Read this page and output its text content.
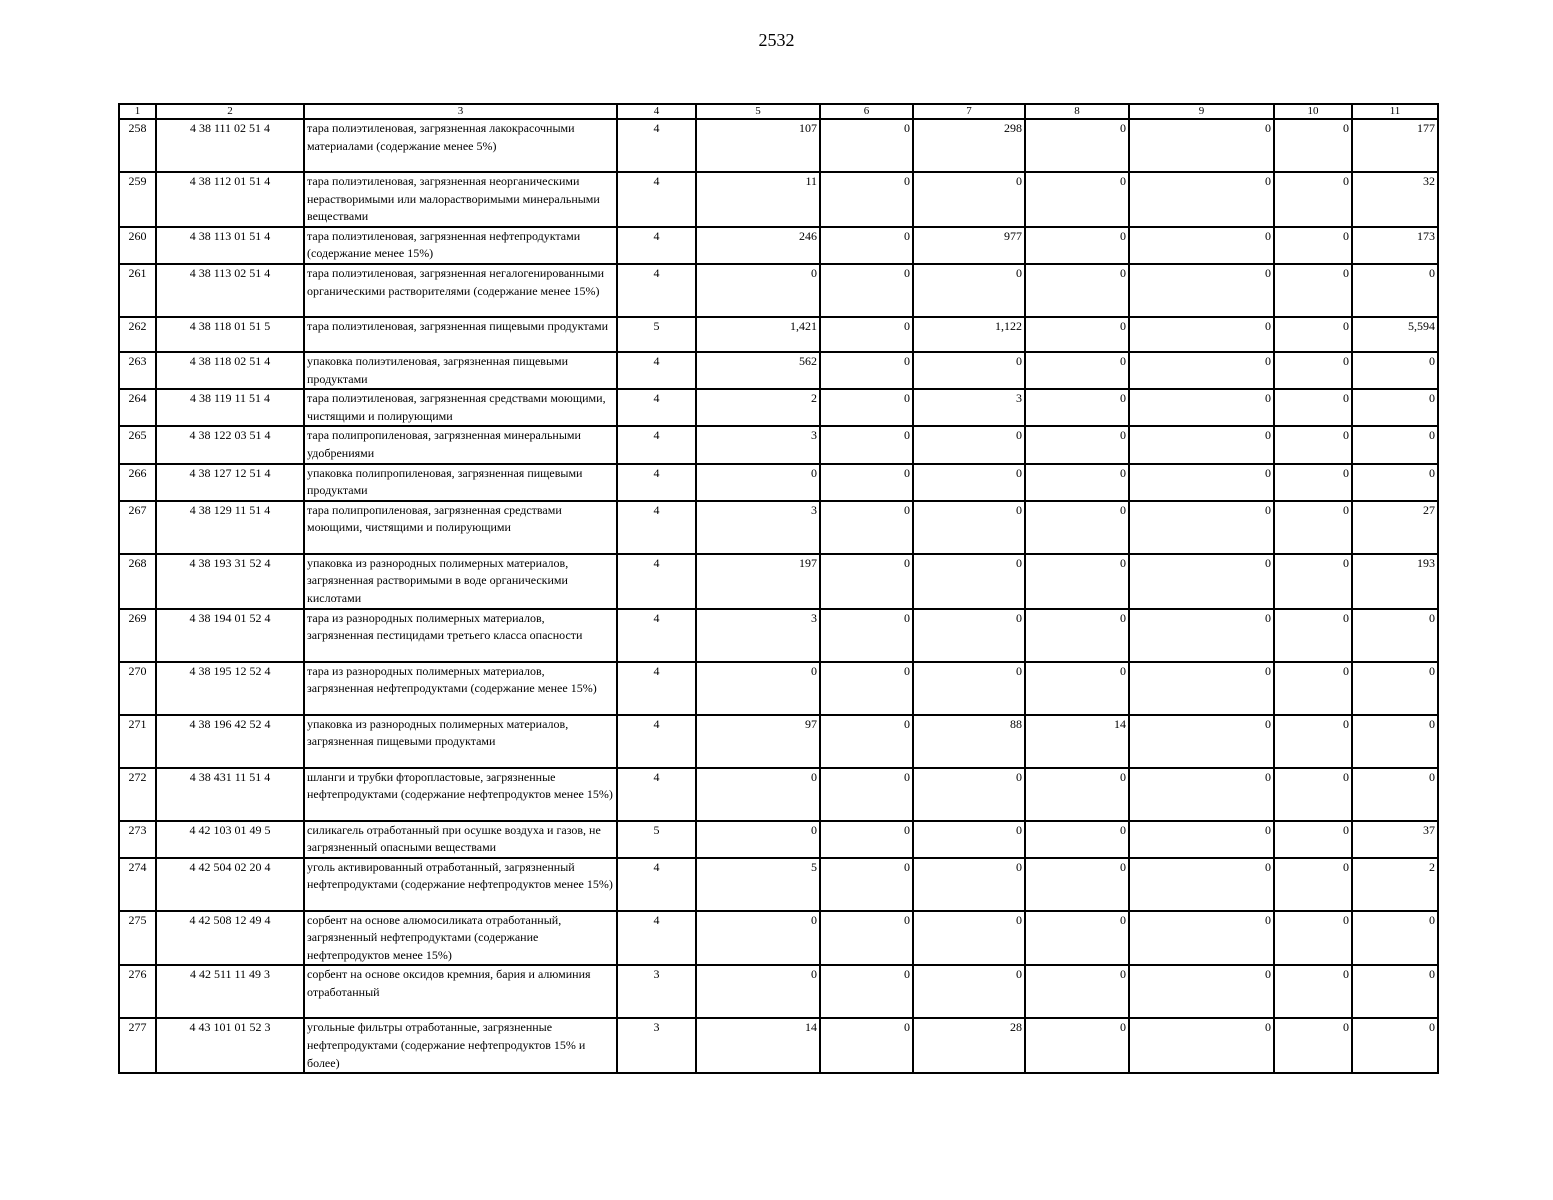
2532
1	2	3	4	5	6	7	8	9	10	11
258	4 38 111 02 51 4	тара полиэтиленовая, загрязненная лакокрасочными материалами (содержание менее 5%)	4	107	0	298	0	0	0	177
259	4 38 112 01 51 4	тара полиэтиленовая, загрязненная неорганическими нерастворимыми или малорастворимыми минеральными веществами	4	11	0	0	0	0	0	32
260	4 38 113 01 51 4	тара полиэтиленовая, загрязненная нефтепродуктами (содержание менее 15%)	4	246	0	977	0	0	0	173
261	4 38 113 02 51 4	тара полиэтиленовая, загрязненная негалогенированными органическими растворителями (содержание менее 15%)	4	0	0	0	0	0	0	0
262	4 38 118 01 51 5	тара полиэтиленовая, загрязненная пищевыми продуктами	5	1,421	0	1,122	0	0	0	5,594
263	4 38 118 02 51 4	упаковка полиэтиленовая, загрязненная пищевыми продуктами	4	562	0	0	0	0	0	0
264	4 38 119 11 51 4	тара полиэтиленовая, загрязненная средствами моющими, чистящими и полирующими	4	2	0	3	0	0	0	0
265	4 38 122 03 51 4	тара полипропиленовая, загрязненная минеральными удобрениями	4	3	0	0	0	0	0	0
266	4 38 127 12 51 4	упаковка полипропиленовая, загрязненная пищевыми продуктами	4	0	0	0	0	0	0	0
267	4 38 129 11 51 4	тара полипропиленовая, загрязненная средствами моющими, чистящими и полирующими	4	3	0	0	0	0	0	27
268	4 38 193 31 52 4	упаковка из разнородных полимерных материалов, загрязненная растворимыми в воде органическими кислотами	4	197	0	0	0	0	0	193
269	4 38 194 01 52 4	тара из разнородных полимерных материалов, загрязненная пестицидами третьего класса опасности	4	3	0	0	0	0	0	0
270	4 38 195 12 52 4	тара из разнородных полимерных материалов, загрязненная нефтепродуктами (содержание менее 15%)	4	0	0	0	0	0	0	0
271	4 38 196 42 52 4	упаковка из разнородных полимерных материалов, загрязненная пищевыми продуктами	4	97	0	88	14	0	0	0
272	4 38 431 11 51 4	шланги и трубки фторопластовые, загрязненные нефтепродуктами (содержание нефтепродуктов менее 15%)	4	0	0	0	0	0	0	0
273	4 42 103 01 49 5	силикагель отработанный при осушке воздуха и газов, не загрязненный опасными веществами	5	0	0	0	0	0	0	37
274	4 42 504 02 20 4	уголь активированный отработанный, загрязненный нефтепродуктами (содержание нефтепродуктов менее 15%)	4	5	0	0	0	0	0	2
275	4 42 508 12 49 4	сорбент на основе алюмосиликата отработанный, загрязненный нефтепродуктами (содержание нефтепродуктов менее 15%)	4	0	0	0	0	0	0	0
276	4 42 511 11 49 3	сорбент на основе оксидов кремния, бария и алюминия отработанный	3	0	0	0	0	0	0	0
277	4 43 101 01 52 3	угольные фильтры отработанные, загрязненные нефтепродуктами (содержание нефтепродуктов 15% и более)	3	14	0	28	0	0	0	0
